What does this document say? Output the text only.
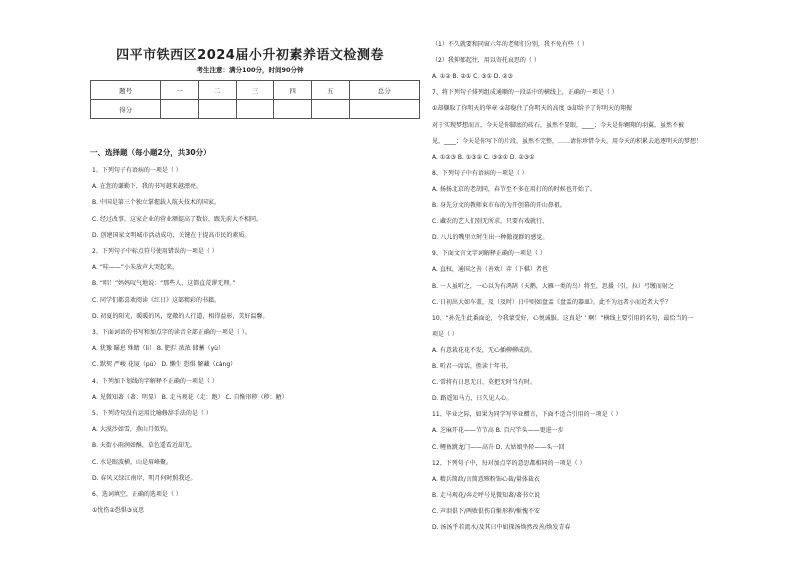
四平市铁西区2024届小升初素养语文检测卷
考生注意：满分100分，时间90分钟
题号	一	二	三	四	五	总分
得分						
一、选择题（每小题2分，共30分）
1、下列句子有语病的一项是（ ）
A. 在您的谦勤下，我的书写越来越漂亮。
B. 中国是第三个独立掌握载人航天技术的国家。
C. 经过改事，这家企业的营业额提高了数倍，跟先前大不相同。
D. 创建国家文明城市活动成功，关键在于提高市民的素质。
2、下列句子中标点符号使用错误的一项是（ ）
A. “哇——”小朱放声大哭起来。
B. “唱！”妈妈叹气地说：“那些人，这简直荒谬无理。”
C. 同学们都喜欢阅读《红日》这部精彩的书籍。
D. 初夏的阳光，暖暖的风，宽敞的人行道，相得益彰，美好温馨。
3、下面词语的书写和加点字的读音全部正确的一项是（ ）。
A. 犹豫 瞄息 殊睛（li） B. 肥拦 浓浓 储蓄（yù）
C. 默契 严峻 花厦（pú） D. 懒生 恐惧 解藏（càng）
4、下列加下划线的字解释不正确的一项是（ ）
A. 见微知著（著：明显） B. 走马观花（走：跑） C. 自惭形秽（秽：陋）
5、下列诗句没有运用比喻修辞手法的是（ ）
A. 大漠沙如雪，燕山月似钩。
B. 天街小雨润如酥，草色遥看近却无。
C. 水是眼波横，山是眉峰聚。
D. 春风又绿江南岸，明月何时照我还。
6、选词填空，正确的选项是（ ）
①忧伤②恐惧③哀思
（1）不久就要和同窗六年的老师们分别，我不免有些（ ）
（2）我抑郁起往，用以寄托哀思的（ ）
A. ①② B. ②① C. ③① D. ②③
7、将下列句子排列组成通顺的一段话中的横线上，正确的一项是（ ）
①却撷取了你明天的华章 ②却稳住了你明天的高度 ③却给予了你明天的翔振
对于实现梦想而言，今天是你脚底的砖石，虽然不显眼，____；今天是你翱翔的羽翼，虽然不被
见，____；今天是你写下的片段，虽然不完整，……请你珍惜今天，用今天的积累去追逐明天的梦想！
A. ①②③ B. ①③② C. ③②① D. ②③①
8、下列句子中有语病的一项是（ ）
A. 扬扬北京的老胡同，春节至不多在用打的的时候也开始了。
B. 身先分文的教师束市布的为开创幕的开山鼻祖。
C. 藏农的艺人们别无所求，只要有戏就行。
D. 八儿的嘴里立时生出一种傲视群的感觉。
9、下面文言文字词解释正确的一项是（ ）
A. 直权，通国之善（善欢）弈（下棋）者也
B. 一人虽听之，一心以为有鸿鹄（天鹅，大雁一类的鸟）将至，思援（引，拉）弓缴而射之
C. 日初出大如车盖，及（及时）日中则如盘盂《盘盂的器皿》，此不为远者小而近者大乎？
10、“孙先生此番面论，令我蒙受好，心悦诚服。这真是‘ ’ 啊！”横线上要引用的名句，最恰当的一
项是（ ）
A. 有意栽花花不发，无心插柳柳成荫。
B. 听君一席话，胜读十年书。
C. 常将有日思无日，莫把无时当有时。
D. 路遥知马力，日久见人心。
11、毕业之际，如果为同学写毕业赠言，下面不适合引用的一项是（ ）
A. 芝麻开花——节节高 B. 百尺竿头——更进一步
C. 鲤鱼跳龙门——高升 D. 大姑娘坐轿——头一回
12、下列句子中，每对加点字的意思都相同的一项是（ ）
A. 精兵简政/言简意赅粉饰心裁/量体裁衣
B. 走马观花/奔走呼号见微知著/著书立说
C. 声泪俱下/两败俱伤自惭形秽/惭愧不安
D. 汤汤乎若流水/及其日中如探汤焕然改善/焕发青春
